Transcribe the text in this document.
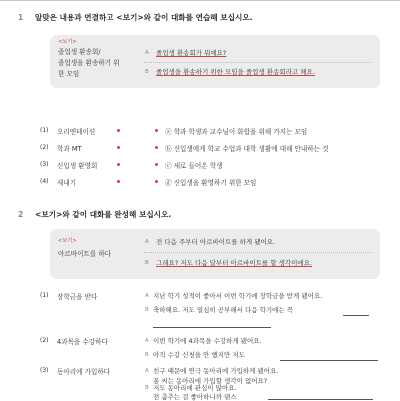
1 알맞은 내용과 연결하고 <보기>와 같이 대화를 연습해 보십시오.
<보기>
졸업생 환송회/
졸업생을 환송하기 위
한 모임
A 졸업생 환송회가 뭐예요?
B 졸업생을 환송하기 위한 모임을 졸업생 환송회라고 해요.
(1) 오리엔테이션	ⓐ 학과 학생과 교수님이 화합을 위해 가지는 모임
(2) 학과 MT	ⓑ 신입생에게 학교 수업과 대학 생활에 대해 안내하는 것
(3) 신입생 환영회	ⓒ 새로 들어온 학생
(4) 새내기	ⓓ 신입생을 환영하기 위한 모임
2 <보기>와 같이 대화를 완성해 보십시오.
<보기>
아르바이트를 하다
A 전 다음 주부터 아르바이트를 하게 됐어요.
B 그래요? 저도 다음 달부터 아르바이트를 할 생각이에요.
(1) 장학금을 받다	A 지난 학기 성적이 좋아서 이번 학기에 장학금을 받게 됐어요.
B 축하해요. 저도 열심히 공부해서 다음 학기에는 꼭
(2) 4과목을 수강하다	A 이번 학기에 4과목을 수강하게 됐어요.
B 아직 수강 신청을 안 했지만 저도
(3) 동아리에 가입하다	A 친구 때문에 연극 동아리에 가입하게 됐어요.
퐁 씨는 동아리에 가입할 생각이 없어요?
B 저도 동아리에 관심이 많아요.
전 춤추는 걸 좋아하니까 댄스
